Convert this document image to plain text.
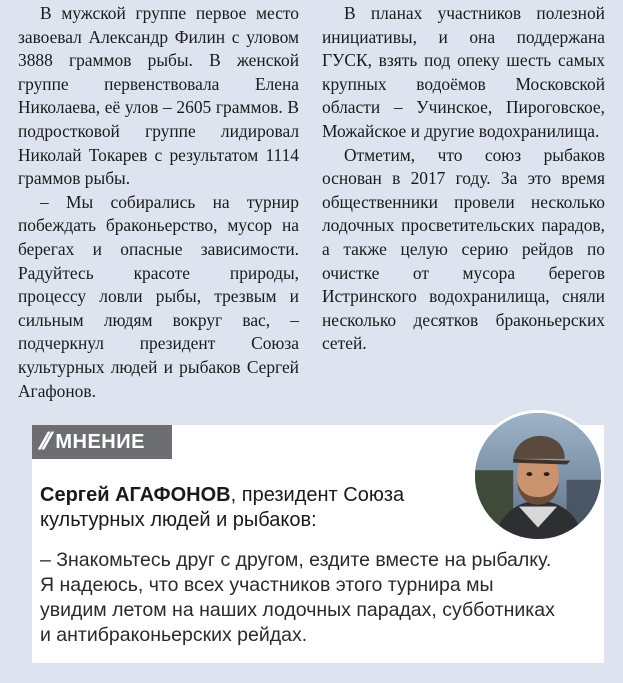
В мужской группе первое место завоевал Александр Филин с уловом 3888 граммов рыбы. В женской группе первенствовала Елена Николаева, её улов – 2605 граммов. В подростковой группе лидировал Николай Токарев с результатом 1114 граммов рыбы.

– Мы собирались на турнир побеждать браконьерство, мусор на берегах и опасные зависимости. Радуйтесь красоте природы, процессу ловли рыбы, трезвым и сильным людям вокруг вас, – подчеркнул президент Союза культурных людей и рыбаков Сергей Агафонов.

В планах участников полезной инициативы, и она поддержана ГУСК, взять под опеку шесть самых крупных водоёмов Московской области – Учинское, Пироговское, Можайское и другие водохранилища.

Отметим, что союз рыбаков основан в 2017 году. За это время общественники провели несколько лодочных просветительских парадов, а также целую серию рейдов по очистке от мусора берегов Истринского водохранилища, сняли несколько десятков браконьерских сетей.

// МНЕНИЕ
Сергей АГАФОНОВ, президент Союза культурных людей и рыбаков:
– Знакомьтесь друг с другом, ездите вместе на рыбалку. Я надеюсь, что всех участников этого турнира мы увидим летом на наших лодочных парадах, субботниках и антибраконьерских рейдах.
